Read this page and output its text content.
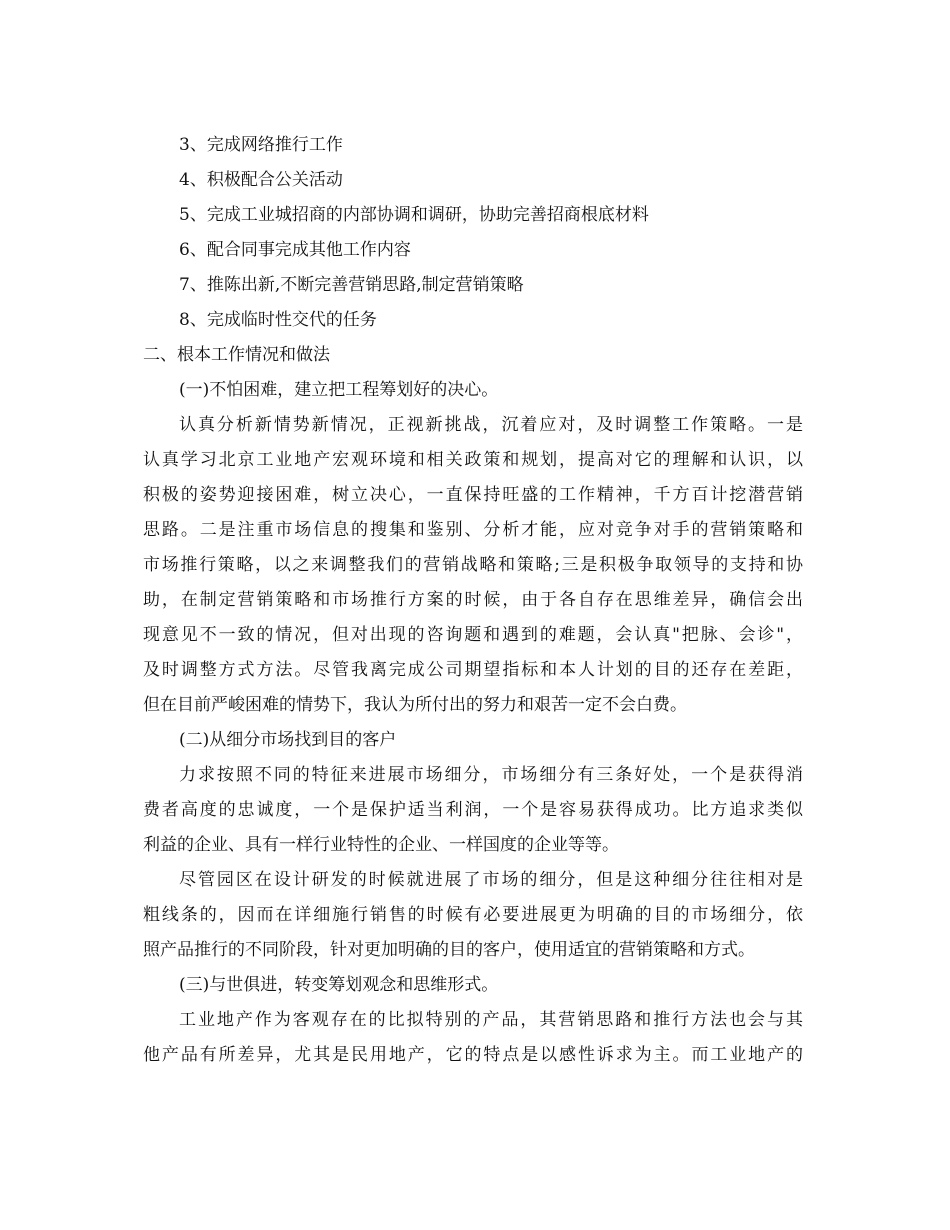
3、完成网络推行工作

4、积极配合公关活动

5、完成工业城招商的内部协调和调研，协助完善招商根底材料

6、配合同事完成其他工作内容

7、推陈出新,不断完善营销思路,制定营销策略

8、完成临时性交代的任务

二、根本工作情况和做法

(一)不怕困难，建立把工程筹划好的决心。

认真分析新情势新情况，正视新挑战，沉着应对，及时调整工作策略。一是
认真学习北京工业地产宏观环境和相关政策和规划，提高对它的理解和认识，以
积极的姿势迎接困难，树立决心，一直保持旺盛的工作精神，千方百计挖潜营销
思路。二是注重市场信息的搜集和鉴别、分析才能，应对竞争对手的营销策略和
市场推行策略，以之来调整我们的营销战略和策略;三是积极争取领导的支持和协
助，在制定营销策略和市场推行方案的时候，由于各自存在思维差异，确信会出
现意见不一致的情况，但对出现的咨询题和遇到的难题，会认真"把脉、会诊"，
及时调整方式方法。尽管我离完成公司期望指标和本人计划的目的还存在差距，
但在目前严峻困难的情势下，我认为所付出的努力和艰苦一定不会白费。

(二)从细分市场找到目的客户

力求按照不同的特征来进展市场细分，市场细分有三条好处，一个是获得消
费者高度的忠诚度，一个是保护适当利润，一个是容易获得成功。比方追求类似
利益的企业、具有一样行业特性的企业、一样国度的企业等等。
尽管园区在设计研发的时候就进展了市场的细分，但是这种细分往往相对是
粗线条的，因而在详细施行销售的时候有必要进展更为明确的目的市场细分，依
照产品推行的不同阶段，针对更加明确的目的客户，使用适宜的营销策略和方式。

(三)与世俱进，转变筹划观念和思维形式。

工业地产作为客观存在的比拟特别的产品，其营销思路和推行方法也会与其
他产品有所差异，尤其是民用地产，它的特点是以感性诉求为主。而工业地产的
